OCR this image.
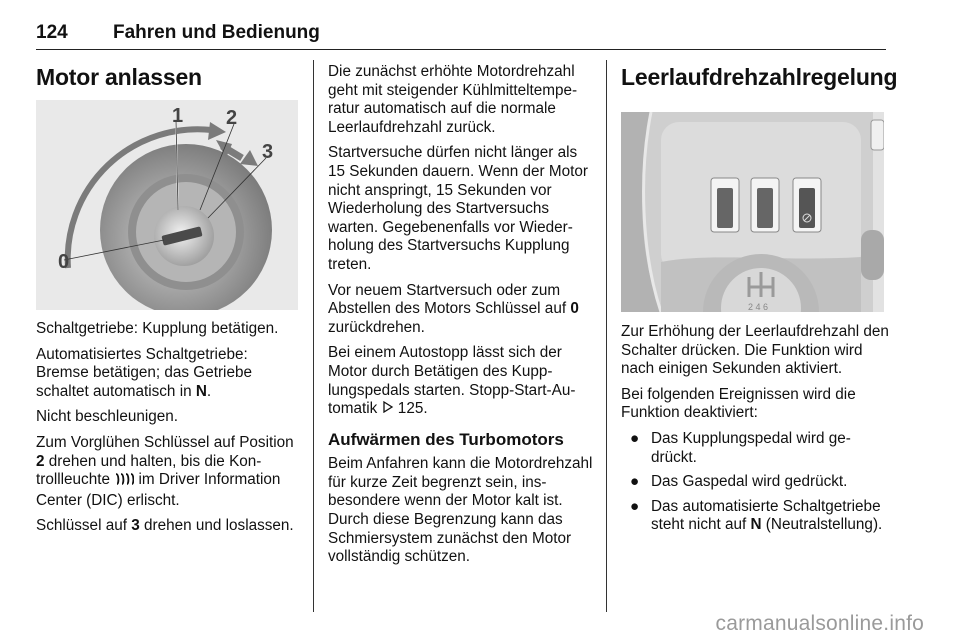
124 Fahren und Bedienung
Motor anlassen
1 2
3
0

Schaltgetriebe: Kupplung betätigen.

Automatisiertes Schaltgetriebe: Bremse betätigen; das Getriebe schaltet automatisch in N.

Nicht beschleunigen.

Zum Vorglühen Schlüssel auf Position 2 drehen und halten, bis die Kontrollleuchte  im Driver Information Center (DIC) erlischt.

Schlüssel auf 3 drehen und loslassen.

Die zunächst erhöhte Motordrehzahl geht mit steigender Kühlmitteltemperatur automatisch auf die normale Leerlaufdrehzahl zurück.

Startversuche dürfen nicht länger als 15 Sekunden dauern. Wenn der Motor nicht anspringt, 15 Sekunden vor Wiederholung des Startversuchs warten. Gegebenenfalls vor Wiederholung des Startversuchs Kupplung treten.

Vor neuem Startversuch oder zum Abstellen des Motors Schlüssel auf 0 zurückdrehen.

Bei einem Autostopp lässt sich der Motor durch Betätigen des Kupplungspedals starten. Stopp-Start-Automatik  125.

Aufwärmen des Turbomotors

Beim Anfahren kann die Motordrehzahl für kurze Zeit begrenzt sein, insbesondere wenn der Motor kalt ist. Durch diese Begrenzung kann das Schmiersystem zunächst den Motor vollständig schützen.

Leerlaufdrehzahlregelung
2 4 6

Zur Erhöhung der Leerlaufdrehzahl den Schalter drücken. Die Funktion wird nach einigen Sekunden aktiviert.

Bei folgenden Ereignissen wird die Funktion deaktiviert:

● Das Kupplungspedal wird gedrückt.
● Das Gaspedal wird gedrückt.
● Das automatisierte Schaltgetriebe steht nicht auf N (Neutralstellung).
carmanualsonline.info
